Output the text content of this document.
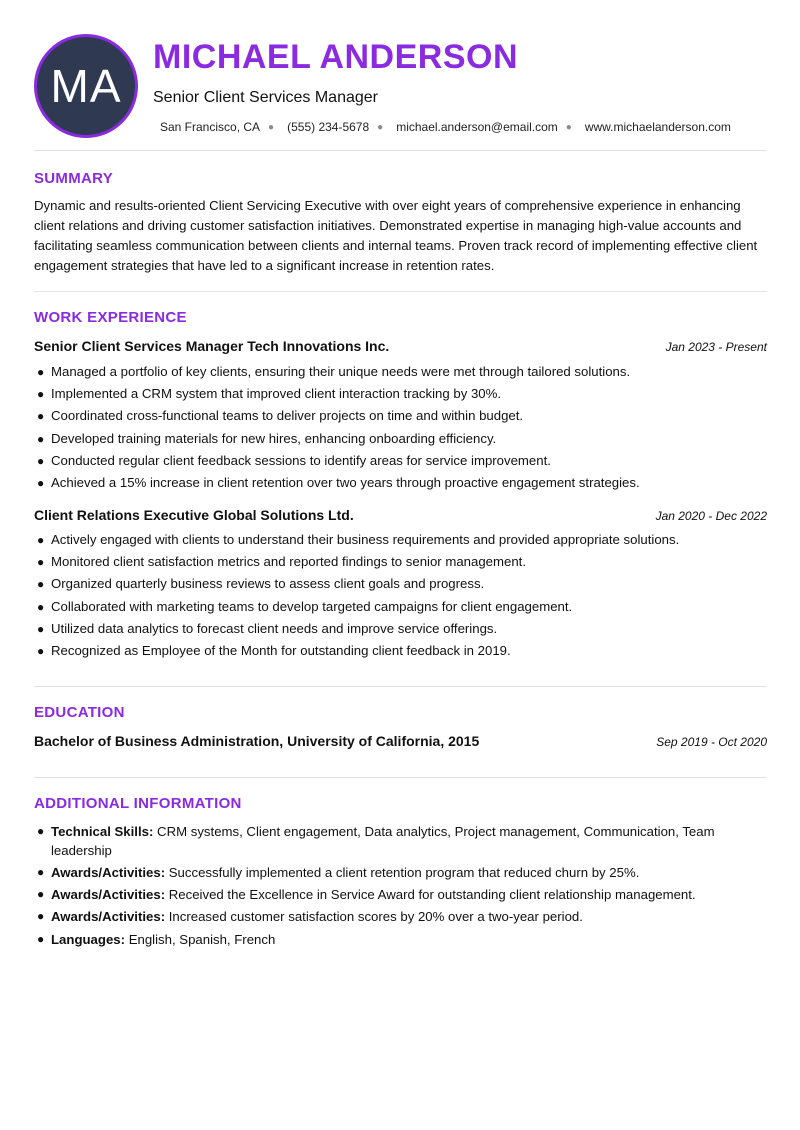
MA
MICHAEL ANDERSON
Senior Client Services Manager
San Francisco, CA ● (555) 234-5678 ● michael.anderson@email.com ● www.michaelanderson.com
SUMMARY
Dynamic and results-oriented Client Servicing Executive with over eight years of comprehensive experience in enhancing client relations and driving customer satisfaction initiatives. Demonstrated expertise in managing high-value accounts and facilitating seamless communication between clients and internal teams. Proven track record of implementing effective client engagement strategies that have led to a significant increase in retention rates.
WORK EXPERIENCE
Senior Client Services Manager Tech Innovations Inc.	Jan 2023 - Present
● Managed a portfolio of key clients, ensuring their unique needs were met through tailored solutions.
● Implemented a CRM system that improved client interaction tracking by 30%.
● Coordinated cross-functional teams to deliver projects on time and within budget.
● Developed training materials for new hires, enhancing onboarding efficiency.
● Conducted regular client feedback sessions to identify areas for service improvement.
● Achieved a 15% increase in client retention over two years through proactive engagement strategies.
Client Relations Executive Global Solutions Ltd.	Jan 2020 - Dec 2022
● Actively engaged with clients to understand their business requirements and provided appropriate solutions.
● Monitored client satisfaction metrics and reported findings to senior management.
● Organized quarterly business reviews to assess client goals and progress.
● Collaborated with marketing teams to develop targeted campaigns for client engagement.
● Utilized data analytics to forecast client needs and improve service offerings.
● Recognized as Employee of the Month for outstanding client feedback in 2019.
EDUCATION
Bachelor of Business Administration, University of California, 2015	Sep 2019 - Oct 2020
ADDITIONAL INFORMATION
● Technical Skills: CRM systems, Client engagement, Data analytics, Project management, Communication, Team leadership
● Awards/Activities: Successfully implemented a client retention program that reduced churn by 25%.
● Awards/Activities: Received the Excellence in Service Award for outstanding client relationship management.
● Awards/Activities: Increased customer satisfaction scores by 20% over a two-year period.
● Languages: English, Spanish, French
